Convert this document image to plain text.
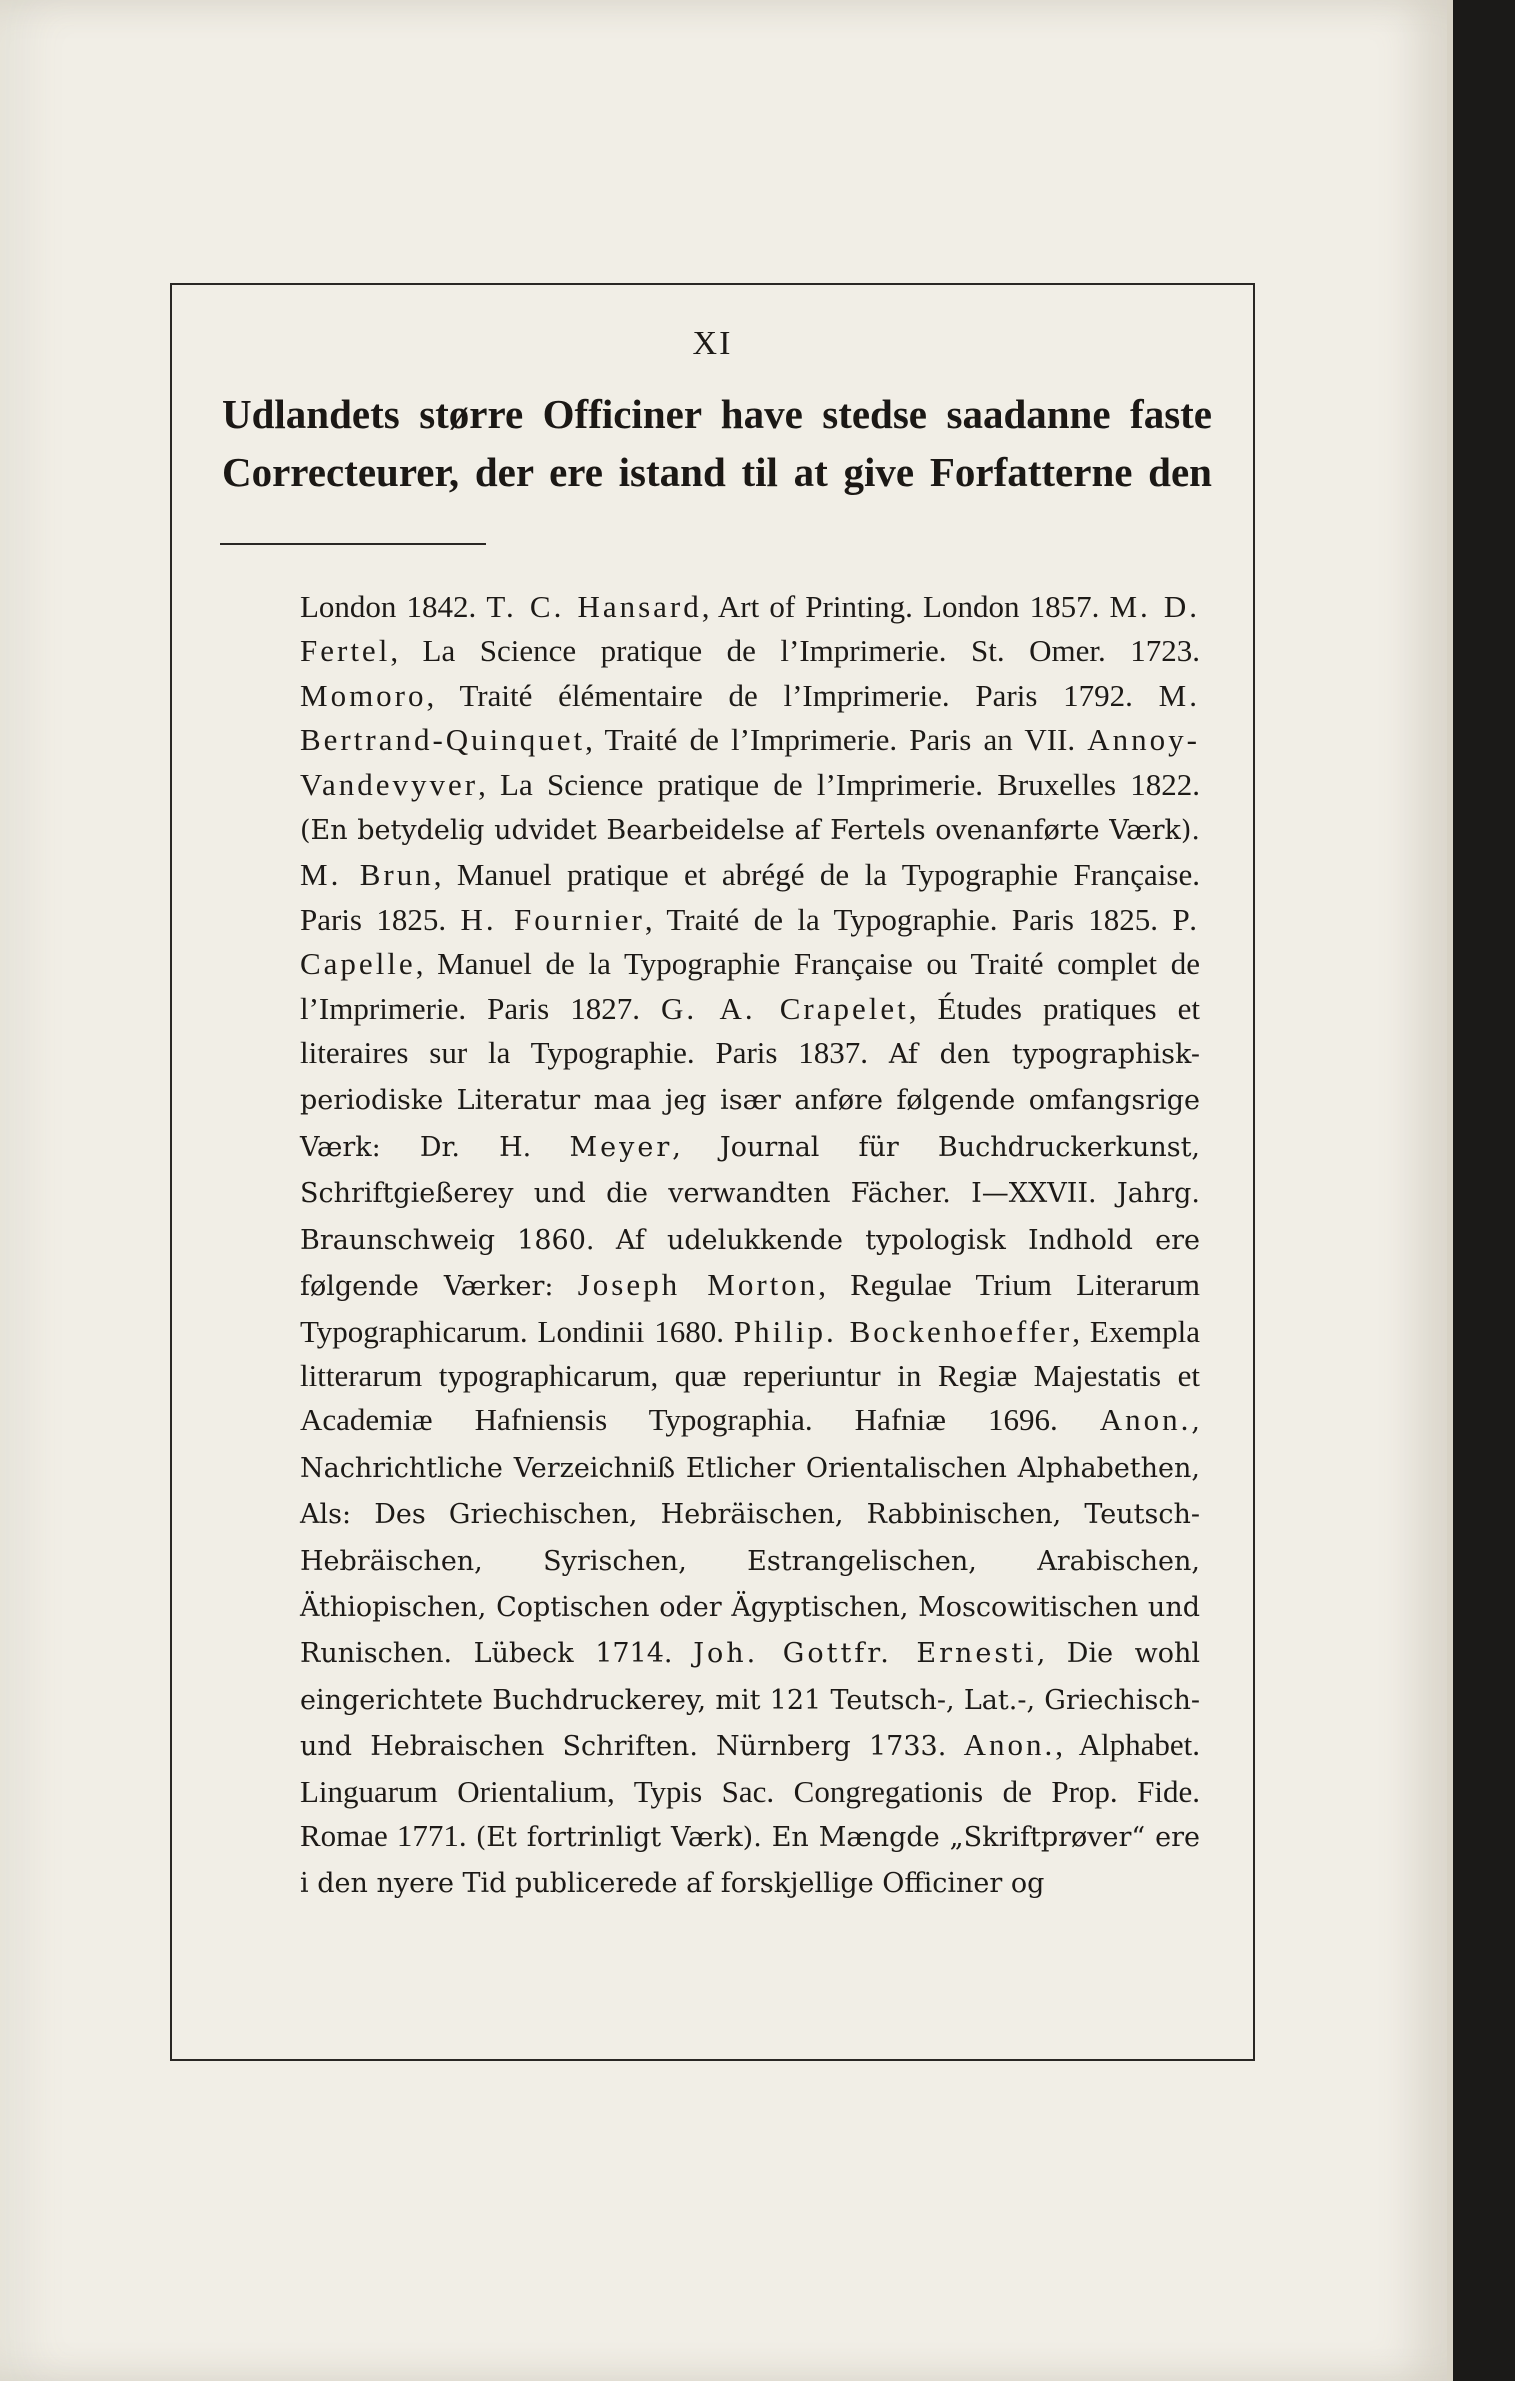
XI
Udlandets større Officiner have stedse saadanne faste Correcteurer, der ere istand til at give Forfatterne den
London 1842. T. C. Hansard, Art of Printing. London 1857. M. D. Fertel, La Science pratique de l’Imprimerie. St. Omer. 1723. Momoro, Traité élémentaire de l’Imprimerie. Paris 1792. M. Bertrand-Quinquet, Traité de l’Imprimerie. Paris an VII. Annoy-Vandevyver, La Science pratique de l’Imprimerie. Bruxelles 1822. (En betydelig udvidet Bearbeidelse af Fertels ovenanførte Værk). M. Brun, Manuel pratique et abrégé de la Typographie Française. Paris 1825. H. Fournier, Traité de la Typographie. Paris 1825. P. Capelle, Manuel de la Typographie Française ou Traité complet de l’Imprimerie. Paris 1827. G. A. Crapelet, Études pratiques et literaires sur la Typographie. Paris 1837. Af den typographisk-periodiske Literatur maa jeg især anføre følgende omfangsrige Værk: Dr. H. Meyer, Journal für Buchdruckerkunst, Schriftgießerey und die verwandten Fächer. I—XXVII. Jahrg. Braunschweig 1860. Af udelukkende typologisk Indhold ere følgende Værker: Joseph Morton, Regulae Trium Literarum Typographicarum. Londinii 1680. Philip. Bockenhoeffer, Exempla litterarum typographicarum, quæ reperiuntur in Regiæ Majestatis et Academiæ Hafniensis Typographia. Hafniæ 1696. Anon., Nachrichtliche Verzeichniß Etlicher Orientalischen Alphabethen, Als: Des Griechischen, Hebräischen, Rabbinischen, Teutsch-Hebräischen, Syrischen, Estrangelischen, Arabischen, Äthiopischen, Coptischen oder Ägyptischen, Moscowitischen und Runischen. Lübeck 1714. Joh. Gottfr. Ernesti, Die wohl eingerichtete Buchdruckerey, mit 121 Teutsch-, Lat.-, Griechisch- und Hebraischen Schriften. Nürnberg 1733. Anon., Alphabet. Linguarum Orientalium, Typis Sac. Congregationis de Prop. Fide. Romae 1771. (Et fortrinligt Værk). En Mængde „Skriftprøver“ ere i den nyere Tid publicerede af forskjellige Officiner og
